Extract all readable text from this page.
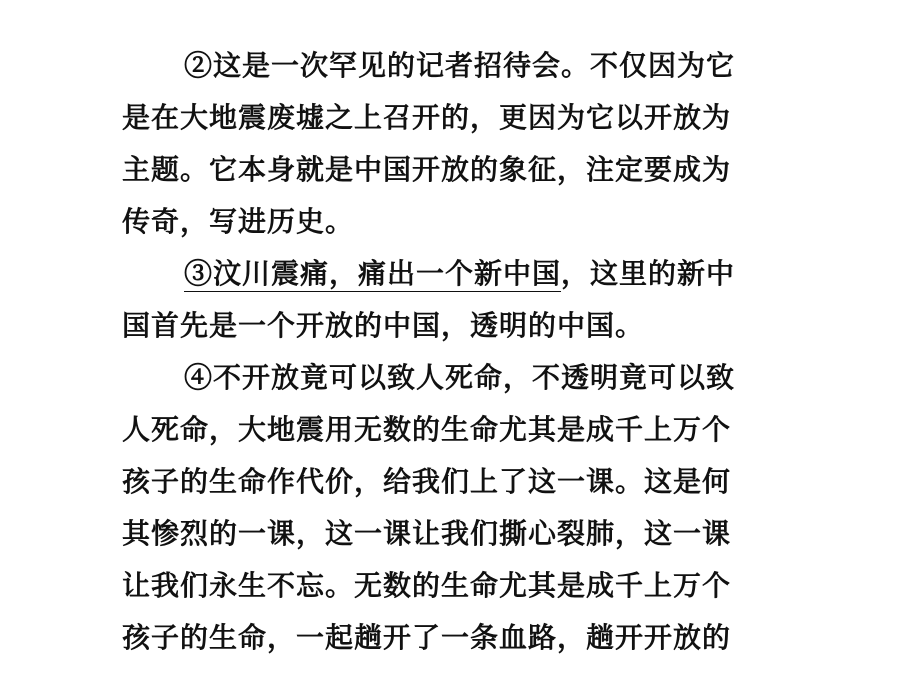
②这是一次罕见的记者招待会。不仅因为它
是在大地震废墟之上召开的，更因为它以开放为
主题。它本身就是中国开放的象征，注定要成为
传奇，写进历史。
③汶川震痛，痛出一个新中国，这里的新中
国首先是一个开放的中国，透明的中国。
④不开放竟可以致人死命，不透明竟可以致
人死命，大地震用无数的生命尤其是成千上万个
孩子的生命作代价，给我们上了这一课。这是何
其惨烈的一课，这一课让我们撕心裂肺，这一课
让我们永生不忘。无数的生命尤其是成千上万个
孩子的生命，一起趟开了一条血路，趟开开放的
